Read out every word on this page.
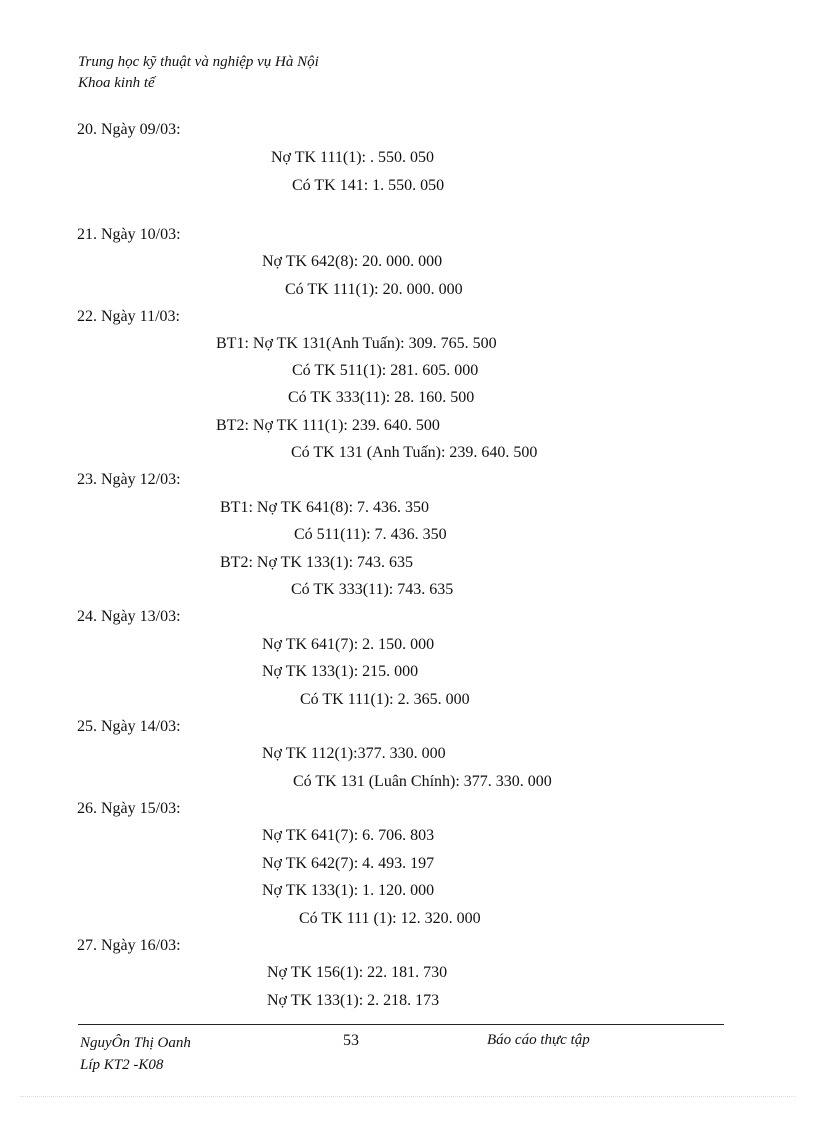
Trung học kỹ thuật và nghiệp vụ Hà Nội
Khoa kinh tế
20. Ngày 09/03:
Nợ TK 111(1): . 550. 050
Có TK 141: 1. 550. 050
21. Ngày 10/03:
Nợ TK 642(8): 20. 000. 000
Có TK 111(1): 20. 000. 000
22. Ngày 11/03:
BT1: Nợ TK 131(Anh Tuấn): 309. 765. 500
Có TK 511(1): 281. 605. 000
Có TK 333(11): 28. 160. 500
BT2: Nợ TK 111(1): 239. 640. 500
Có TK 131 (Anh Tuấn): 239. 640. 500
23. Ngày 12/03:
BT1: Nợ TK 641(8): 7. 436. 350
Có 511(11): 7. 436. 350
BT2: Nợ TK 133(1): 743. 635
Có TK 333(11): 743. 635
24. Ngày 13/03:
Nợ TK 641(7): 2. 150. 000
Nợ TK 133(1): 215. 000
Có TK 111(1): 2. 365. 000
25. Ngày 14/03:
Nợ TK 112(1):377. 330. 000
Có TK 131 (Luân Chính): 377. 330. 000
26. Ngày 15/03:
Nợ TK 641(7): 6. 706. 803
Nợ TK 642(7): 4. 493. 197
Nợ TK 133(1): 1. 120. 000
Có TK 111 (1): 12. 320. 000
27. Ngày 16/03:
Nợ TK 156(1): 22. 181. 730
Nợ TK 133(1): 2. 218. 173
NguyÔn Thị Oanh
Líp KT2 -K08
53	Báo cáo thực tập
